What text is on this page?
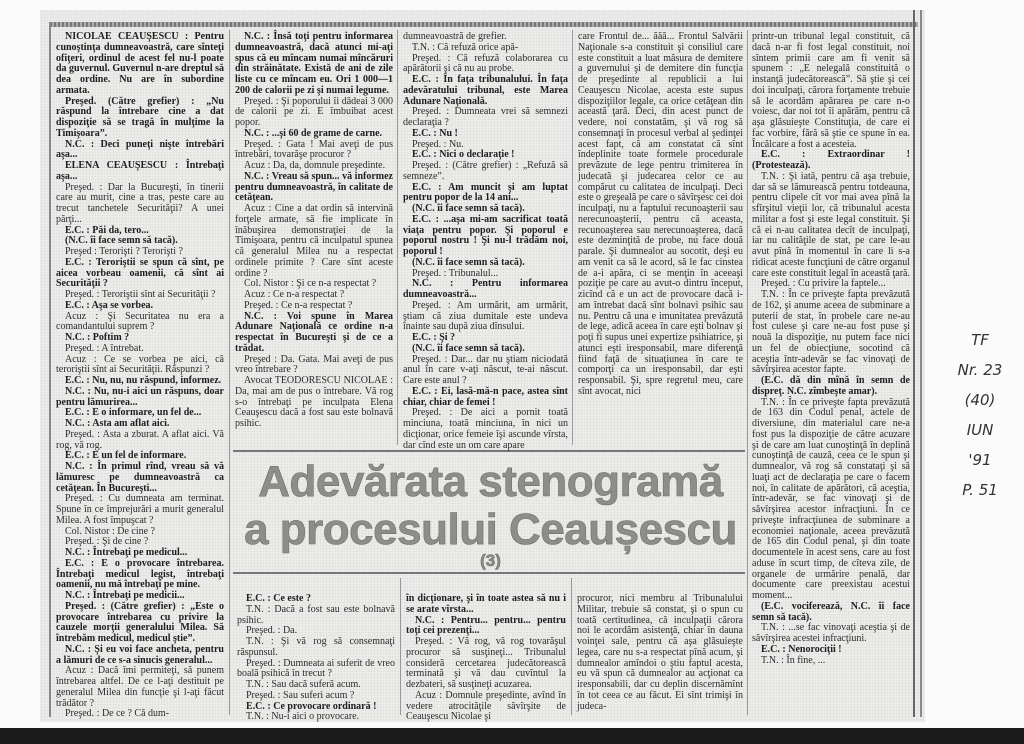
NICOLAE CEAUŞESCU : Pentru cunoştinţa dumneavoastră, care sînteţi ofiţeri, ordinul de acest fel nu-l poate da guvernul. Guvernul n-are dreptul să dea ordine. Nu are în subordine armata.

Preşed. (Către grefier) : „Nu răspund la întrebare cine a dat dispoziţie să se tragă în mulţime la Timişoara”.

N.C. : Deci puneţi nişte întrebări aşa...

ELENA CEAUŞESCU : Întrebaţi aşa...

Preşed. : Dar la Bucureşti, în tinerii care au murit, cine a tras, peste care au trecut tanchetele Securităţii? A unei părţi...

E.C. : Păi da, tero...

(N.C. îi face semn să tacă).

Preşed : Terorişti ? Terorişti ?

E.C. : Teroriştii se spun că sînt, pe aicea vorbeau oamenii, că sînt ai Securităţii ?

Preşed. : Teroriştii sînt ai Securităţii ?

E.C. : Aşa se vorbea.

Acuz : Şi Securitatea nu era a comandantului suprem ?

N.C. : Poftim ?

Preşed. : A întrebat.

Acuz : Ce se vorbea pe aici, că teroriştii sînt ai Securităţii. Răspunzi ?

E.C. : Nu, nu, nu răspund, informez.

N.C. : Nu, nu-i aici un răspuns, doar pentru lămurirea...

E.C. : E o informare, un fel de...

N.C. : Asta am aflat aici.

Preşed. : Asta a zburat. A aflat aici. Vă rog, vă rog.

E.C. : E un fel de informare.

N.C. : În primul rînd, vreau să vă lămuresc pe dumneavoastră ca cetăţean. În Bucureşti...

Preşed. : Cu dumneata am terminat. Spune în ce împrejurări a murit generalul Milea. A fost împuşcat ?

Col. Nistor : De cine ?

Preşed. : Şi de cine ?

N.C. : Întrebaţi pe medicul...

E.C. : E o provocare întrebarea. Întrebaţi medicul legist, întrebaţi oamenii, nu mă întrebaţi pe mine.

N.C. : Întrebaţi pe medicii...

Preşed. : (Către grefier) : „Este o provocare întrebarea cu privire la cauzele morţii generalului Milea. Să întrebăm medicul, medicul ştie”.

N.C. : Şi eu voi face ancheta, pentru a lămuri de ce s-a sinucis generalul...

Acuz : Dacă îmi permiteţi, să punem întrebarea altfel. De ce l-aţi destituit pe generalul Milea din funcţie şi l-aţi făcut trădător ?

Preşed. : De ce ? Că dum-

N.C. : Însă toţi pentru informarea dumneavoastră, dacă atunci mi-aţi spus că eu mîncam numai mîncăruri din străinătate. Există de ani de zile liste cu ce mîncam eu. Ori 1 000—1 200 de calorii pe zi şi numai legume.

Preşed. : Şi poporului îi dădeai 3 000 de calorii pe zi. E îmbuibat acest popor.

N.C. : ...şi 60 de grame de carne.

Preşed. : Gata ! Mai aveţi de pus întrebări, tovarăşe procuror ?

Acuz : Da, da, domnule preşedinte.

N.C. : Vreau să spun... vă informez pentru dumneavoastră, în calitate de cetăţean.

Acuz : Cine a dat ordin să intervină forţele armate, să fie implicate în înăbuşirea demonstraţiei de la Timişoara, pentru că inculpatul spunea că generalul Milea nu a respectat ordinele primite ? Care sînt aceste ordine ?

Col. Nistor : Şi ce n-a respectat ?

Acuz : Ce n-a respectat ?

Preşed. : Ce n-a respectat ?

N.C. : Voi spune în Marea Adunare Naţională ce ordine n-a respectat în Bucureşti şi de ce a trădat.

Preşed : Da. Gata. Mai aveţi de pus vreo întrebare ?

Avocat TEODORESCU NICOLAE : Da, mai am de pus o întrebare. Vă rog s-o întrebaţi pe inculpata Elena Ceauşescu dacă a fost sau este bolnavă psihic.

dumneavoastră de grefier.

T.N. : Că refuză orice apă-

Preşed. : Că refuză colaborarea cu apărătorii şi că nu au probe.

E.C. : În faţa tribunalului. În faţa adevăratului tribunal, este Marea Adunare Naţională.

Preşed. : Dumneata vrei să semnezi declaraţia ?

E.C. : Nu !

Preşed. : Nu.

E.C. : Nici o declaraţie !

Preşed. : (Către grefier) : „Refuză să semneze”.

E.C. : Am muncit şi am luptat pentru popor de la 14 ani...

(N.C. îi face semn să tacă).

E.C. : ...aşa mi-am sacrificat toată viaţa pentru popor. Şi poporul e poporul nostru ! Şi nu-l trădăm noi, poporul !

(N.C. îi face semn să tacă).

Preşed. : Tribunalul...

N.C. : Pentru informarea dumneavoastră...

Preşed. : Am urmărit, am urmărit, ştiam că ziua dumitale este undeva înainte sau după ziua dînsului.

E.C. : Şi ?

(N.C. îi face semn să tacă).

Preşed. : Dar... dar nu ştiam niciodată anul în care v-aţi născut, te-ai născut. Care este anul ?

E.C. : Ei, lasă-mă-n pace, astea sînt chiar, chiar de femei !

Preşed. : De aici a pornit toată minciuna, toată minciuna, în nici un dicţionar, orice femeie îşi ascunde vîrsta, dar cînd este un om care apare

care Frontul de... ăăă... Frontul Salvării Naţionale s-a constituit şi consiliul care este constituit a luat măsura de demitere a guvernului şi de demitere din funcţia de preşedinte al republicii a lui Ceauşescu Nicolae, acesta este supus dispoziţiilor legale, ca orice cetăţean din această ţară. Deci, din acest punct de vedere, noi constatăm, şi vă rog să consemnaţi în procesul verbal al şedinţei acest fapt, că am constatat că sînt îndeplinite toate formele procedurale prevăzute de lege pentru trimiterea în judecată şi judecarea celor ce au compărut cu calitatea de inculpaţi. Deci este o greşeală pe care o săvîrşesc cei doi inculpaţi, nu a faptului recunoaşterii sau nerecunoaşterii, pentru că aceasta, recunoaşterea sau nerecunoaşterea, dacă este dezminţită de probe, nu face două parale. Şi dumnealor au socotit, deşi eu am venit ca să le acord, să le fac cinstea de a-i apăra, ci se menţin în aceeaşi poziţie pe care au avut-o dintru început, zicînd că e un act de provocare dacă i-am întrebat dacă sînt bolnavi psihic sau nu. Pentru că una e imunitatea prevăzută de lege, adică aceea în care eşti bolnav şi poţi fi supus unei expertize psihiatrice, şi atunci eşti iresponsabil, mare diferenţă fiind faţă de situaţiunea în care te comporţi ca un iresponsabil, dar eşti responsabil. Şi, spre regretul meu, care sînt avocat, nici

printr-un tribunal legal constituit, că dacă n-ar fi fost legal constituit, noi sîntem primii care am fi venit să spunem : „E nelegală constituită o instanţă judecătorească”. Să ştie şi cei doi inculpaţi, cărora forţamente trebuie să le acordăm apărarea pe care n-o voiesc, dar noi tot îi apărăm, pentru că aşa glăsuieşte Constituţia, de care ei fac vorbire, fără să ştie ce spune în ea. Încălcare a fost a acesteia.

E.C. : Extraordinar ! (Protestează).

T.N. : Şi iată, pentru că aşa trebuie, dar să se lămurească pentru totdeauna, pentru clipele cît vor mai avea pînă la sfîrşitul vieţii lor, că tribunalul acesta militar a fost şi este legal constituit. Şi că ei n-au calitatea decît de inculpaţi, iar nu calităţile de stat, pe care le-au avut pînă în momentul în care li s-a ridicat aceste funcţiuni de către organul care este constituit legal în această ţară.

Preşed. : Cu privire la faptele...

T.N. : În ce priveşte fapta prevăzută de 162, şi anume aceea de subminare a puterii de stat, în probele care ne-au fost culese şi care ne-au fost puse şi nouă la dispoziţie, nu putem face nici un fel de obiecţiune, socotind că aceştia într-adevăr se fac vinovaţi de săvîrşirea acestor fapte.

(E.C. dă din mînă în semn de dispreţ. N.C. zîmbeşte amar).

T.N. : În ce priveşte fapta prevăzută de 163 din Codul penal, actele de diversiune, din materialul care ne-a fost pus la dispoziţie de către acuzare şi de care am luat cunoştinţă în deplină cunoştinţă de cauză, ceea ce le spun şi dumnealor, vă rog să constataţi şi să luaţi act de declaraţia pe care o facem noi, în calitate de apărători, că aceştia, într-adevăr, se fac vinovaţi şi de săvîrşirea acestor infracţiuni. În ce priveşte infracţiunea de subminare a economiei naţionale, aceea prevăzută de 165 din Codul penal, şi din toate documentele în acest sens, care au fost aduse în scurt timp, de cîteva zile, de organele de urmărire penală, dar documente care preexistau acestui moment...

(E.C. vociferează, N.C. îi face semn să tacă).

T.N. : ...se fac vinovaţi aceştia şi de săvîrşirea acestei infracţiuni.

E.C. : Nenorociţii !

T.N. : În fine, ...

E.C. : Ce este ?

T.N. : Dacă a fost sau este bolnavă psihic.

Preşed. : Da.

T.N. : Şi vă rog să consemnaţi răspunsul.

Preşed. : Dumneata ai suferit de vreo boală psihică în trecut ?

T.N. : Sau dacă suferă acum.

Preşed. : Sau suferi acum ?

E.C. : Ce provocare ordinară !

T.N. : Nu-i aici o provocare.

în dicţionare, şi în toate astea să nu i se arate vîrsta...

N.C. : Pentru... pentru... pentru toţi cei prezenţi...

Preşed. : Vă rog, vă rog tovarăşul procuror să susţineţi... Tribunalul consideră cercetarea judecătorească terminată şi vă dau cuvîntul la dezbateri, să susţineţi acuzarea.

Acuz : Domnule preşedinte, avînd în vedere atrocităţile săvîrşite de Ceauşescu Nicolae şi

procuror, nici membru al Tribunalului Militar, trebuie să constat, şi o spun cu toată certitudinea, că inculpaţii cărora noi le acordăm asistenţă, chiar în dauna voinţei sale, pentru că aşa glăsuieşte legea, care nu s-a respectat pînă acum, şi dumnealor amîndoi o ştiu faptul acesta, eu vă spun că dumnealor au acţionat ca iresponsabili, dar cu deplin discernămînt în tot ceea ce au făcut. Ei sînt trimişi în judeca-

Adevărata stenogramă
a procesului Ceaușescu
(3)
TF
Nr. 23
(40)
IUN
'91
P. 51
